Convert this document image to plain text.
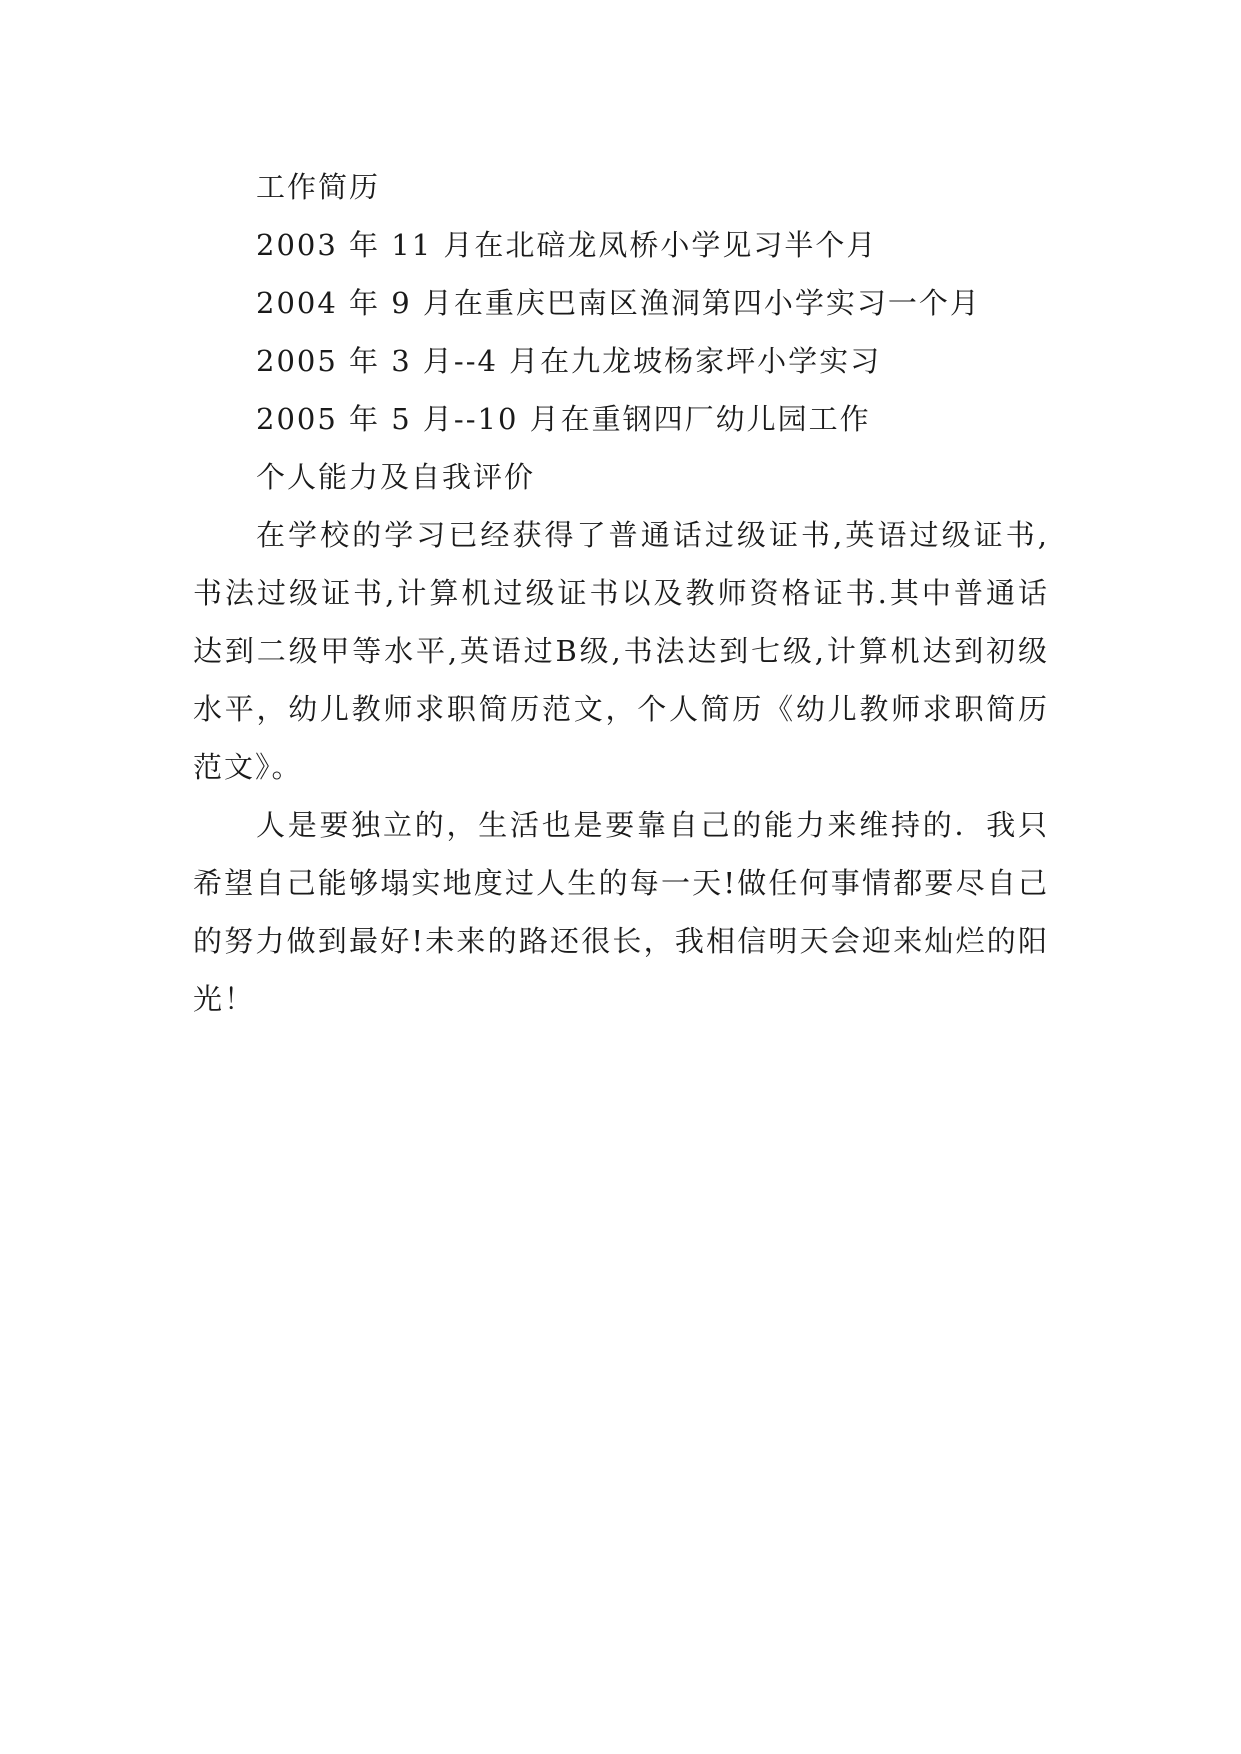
工作简历
2003 年 11 月在北碚龙凤桥小学见习半个月
2004 年 9 月在重庆巴南区渔洞第四小学实习一个月
2005 年 3 月--4 月在九龙坡杨家坪小学实习
2005 年 5 月--10 月在重钢四厂幼儿园工作
个人能力及自我评价

在学校的学习已经获得了普通话过级证书,英语过级证书,书法过级证书,计算机过级证书以及教师资格证书.其中普通话达到二级甲等水平,英语过B级,书法达到七级,计算机达到初级水平，幼儿教师求职简历范文，个人简历《幼儿教师求职简历范文》。

人是要独立的，生活也是要靠自己的能力来维持的．我只希望自己能够塌实地度过人生的每一天!做任何事情都要尽自己的努力做到最好!未来的路还很长，我相信明天会迎来灿烂的阳光！
